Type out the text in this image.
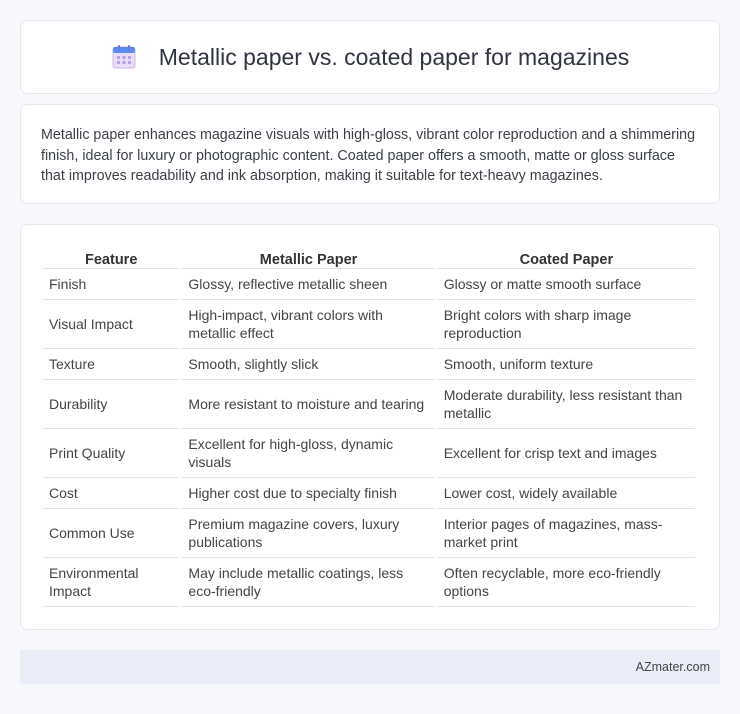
Metallic paper vs. coated paper for magazines

Metallic paper enhances magazine visuals with high-gloss, vibrant color reproduction and a shimmering finish, ideal for luxury or photographic content. Coated paper offers a smooth, matte or gloss surface that improves readability and ink absorption, making it suitable for text-heavy magazines.

Feature	Metallic Paper	Coated Paper
Finish	Glossy, reflective metallic sheen	Glossy or matte smooth surface
Visual Impact	High-impact, vibrant colors with metallic effect	Bright colors with sharp image reproduction
Texture	Smooth, slightly slick	Smooth, uniform texture
Durability	More resistant to moisture and tearing	Moderate durability, less resistant than metallic
Print Quality	Excellent for high-gloss, dynamic visuals	Excellent for crisp text and images
Cost	Higher cost due to specialty finish	Lower cost, widely available
Common Use	Premium magazine covers, luxury publications	Interior pages of magazines, mass-market print
Environmental Impact	May include metallic coatings, less eco-friendly	Often recyclable, more eco-friendly options
AZmater.com
